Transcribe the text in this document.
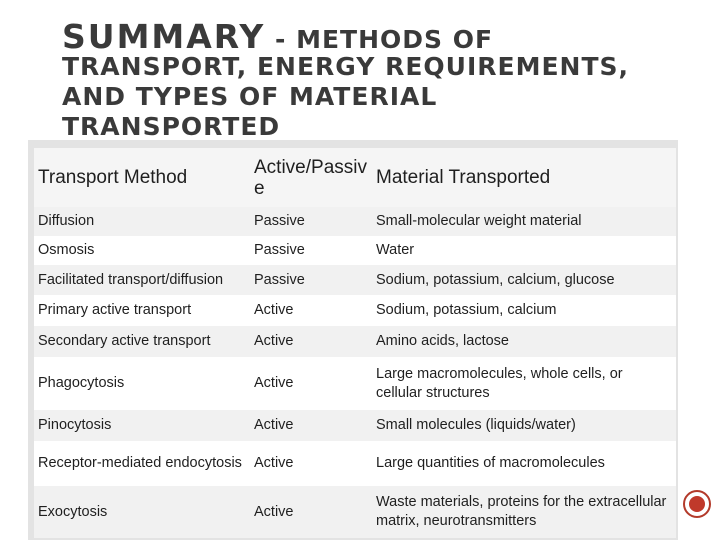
SUMMARY - METHODS OF
TRANSPORT, ENERGY REQUIREMENTS,
AND TYPES OF MATERIAL
TRANSPORTED
Transport Method	Active/Passive	Material Transported
Diffusion	Passive	Small-molecular weight material
Osmosis	Passive	Water
Facilitated transport/diffusion	Passive	Sodium, potassium, calcium, glucose
Primary active transport	Active	Sodium, potassium, calcium
Secondary active transport	Active	Amino acids, lactose
Phagocytosis	Active	Large macromolecules, whole cells, or cellular structures
Pinocytosis	Active	Small molecules (liquids/water)
Receptor-mediated endocytosis	Active	Large quantities of macromolecules
Exocytosis	Active	Waste materials, proteins for the extracellular matrix, neurotransmitters
